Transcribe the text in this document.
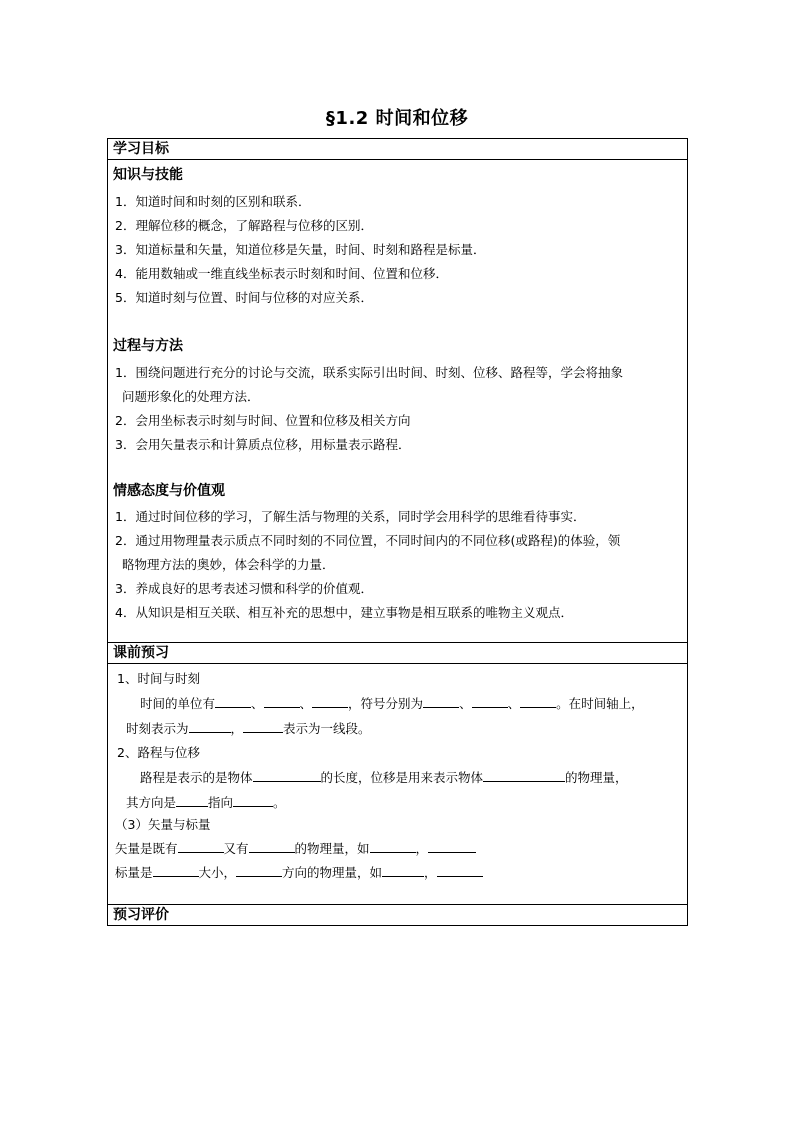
§1.2 时间和位移
学习目标
知识与技能
1．知道时间和时刻的区别和联系．
2．理解位移的概念，了解路程与位移的区别．
3．知道标量和矢量，知道位移是矢量，时间、时刻和路程是标量．
4．能用数轴或一维直线坐标表示时刻和时间、位置和位移．
5．知道时刻与位置、时间与位移的对应关系．
过程与方法
1．围绕问题进行充分的讨论与交流，联系实际引出时间、时刻、位移、路程等，学会将抽象
问题形象化的处理方法．
2．会用坐标表示时刻与时间、位置和位移及相关方向
3．会用矢量表示和计算质点位移，用标量表示路程．
情感态度与价值观
1．通过时间位移的学习，了解生活与物理的关系，同时学会用科学的思维看待事实．
2．通过用物理量表示质点不同时刻的不同位置，不同时间内的不同位移(或路程)的体验，领
略物理方法的奥妙，体会科学的力量．
3．养成良好的思考表述习惯和科学的价值观．
4．从知识是相互关联、相互补充的思想中，建立事物是相互联系的唯物主义观点．
课前预习
1、时间与时刻
时间的单位有	、	、	，符号分别为	、	、	。在时间轴上，
时刻表示为	，	表示为一线段。
2、路程与位移
路程是表示的是物体	的长度，位移是用来表示物体	的物理量，
其方向是	指向	。
（3）矢量与标量
矢量是既有	又有	的物理量，如	，
标量是	大小，	方向的物理量，如	，
预习评价
